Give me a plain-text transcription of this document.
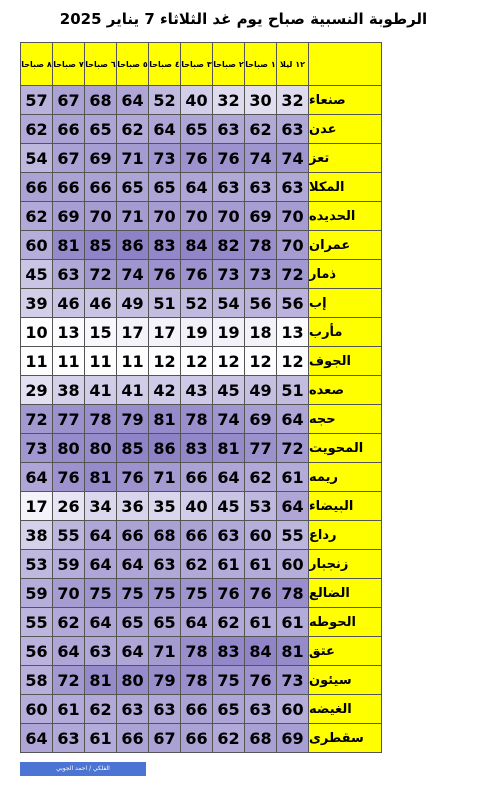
الرطوبة النسبية صباح يوم غد الثلاثاء 7 يناير 2025
	١٢ ليلا	١ صباحا	٢ صباحا	٣ صباحا	٤ صباحا	٥ صباحا	٦ صباحا	٧ صباحا	٨ صباحا
صنعاء	32	30	32	40	52	64	68	67	57
عدن	63	62	63	65	64	62	65	66	62
تعز	74	74	76	76	73	71	69	67	54
المكلا	63	63	63	64	65	65	66	66	66
الحديده	70	69	70	70	70	71	70	69	62
عمران	70	78	82	84	83	86	85	81	60
ذمار	72	73	73	76	76	74	72	63	45
إب	56	56	54	52	51	49	46	46	39
مأرب	13	18	19	19	17	17	15	13	10
الجوف	12	12	12	12	12	11	11	11	11
صعده	51	49	45	43	42	41	41	38	29
حجه	64	69	74	78	81	79	78	77	72
المحويت	72	77	81	83	86	85	80	80	73
ريمه	61	62	64	66	71	76	81	76	64
البيضاء	64	53	45	40	35	36	34	26	17
رداع	55	60	63	66	68	66	64	55	38
زنجبار	60	61	61	62	63	64	64	59	53
الضالع	78	76	76	75	75	75	75	70	59
الحوطه	61	61	62	64	65	65	64	62	55
عتق	81	84	83	78	71	64	63	64	56
سيئون	73	76	75	78	79	80	81	72	58
الغيضه	60	63	65	66	63	63	62	61	60
سقطرى	69	68	62	66	67	66	61	63	64
الفلكي / احمد الجوبي
